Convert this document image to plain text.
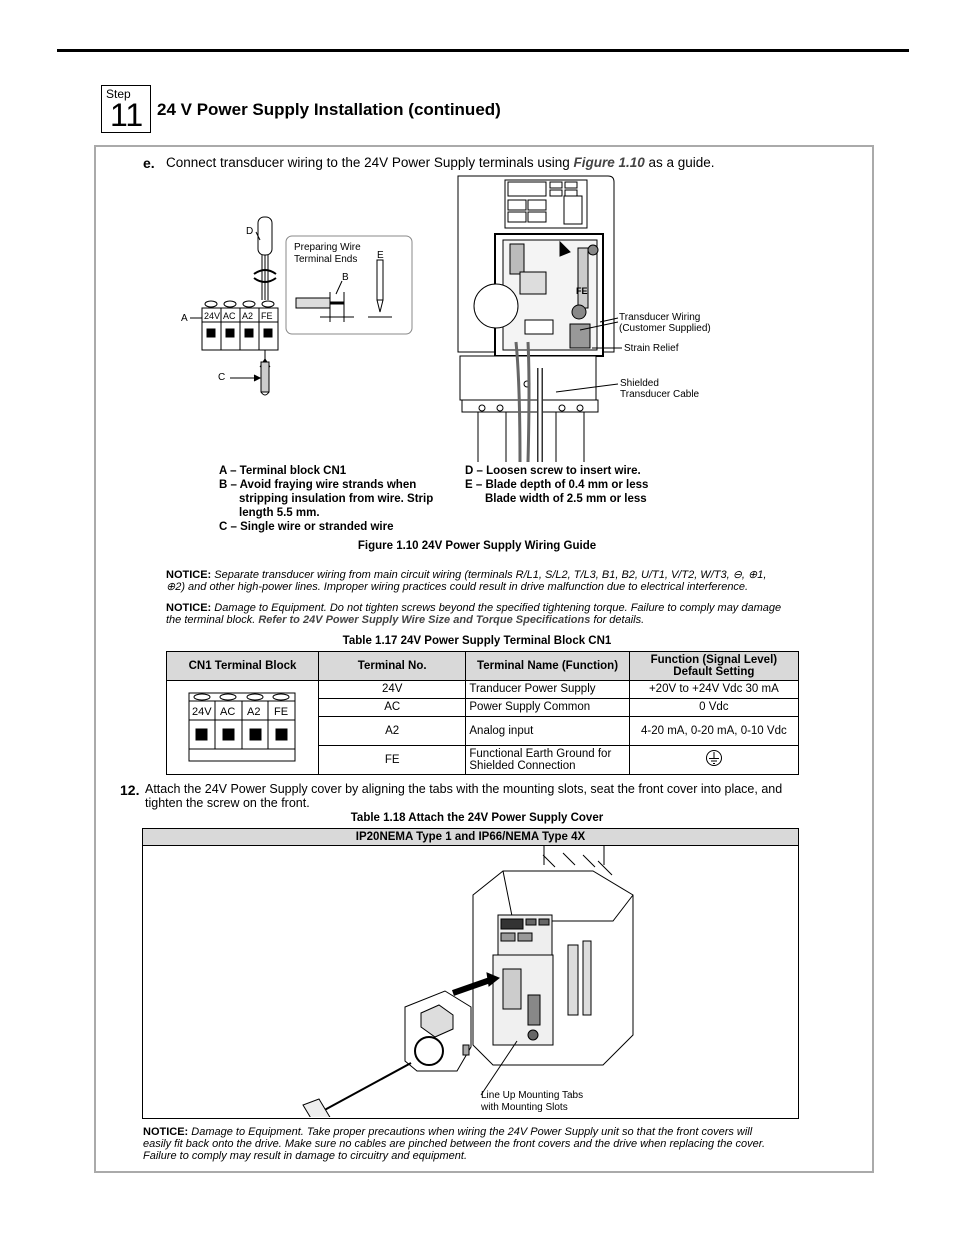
Step
11 24 V Power Supply Installation (continued)
e. Connect transducer wiring to the 24V Power Supply terminals using Figure 1.10 as a guide.
D
E
B
A
C
Preparing Wire
Terminal Ends
24V AC A2 FE
FE
Transducer Wiring
(Customer Supplied)
Strain Relief
Shielded
Transducer Cable
A – Terminal block CN1
B – Avoid fraying wire strands when
stripping insulation from wire. Strip
length 5.5 mm.
C – Single wire or stranded wire
D – Loosen screw to insert wire.
E – Blade depth of 0.4 mm or less
Blade width of 2.5 mm or less
Figure 1.10 24V Power Supply Wiring Guide
NOTICE: Separate transducer wiring from main circuit wiring (terminals R/L1, S/L2, T/L3, B1, B2, U/T1, V/T2, W/T3, ⊖, ⊕1,
⊕2) and other high-power lines. Improper wiring practices could result in drive malfunction due to electrical interference.
NOTICE: Damage to Equipment. Do not tighten screws beyond the specified tightening torque. Failure to comply may damage
the terminal block. Refer to 24V Power Supply Wire Size and Torque Specifications for details.
Table 1.17 24V Power Supply Terminal Block CN1
CN1 Terminal Block	Terminal No.	Terminal Name (Function)	Function (Signal Level)
Default Setting

24V AC A2 FE	24V	Tranducer Power Supply	+20V to +24V Vdc 30 mA
	AC	Power Supply Common	0 Vdc
	A2	Analog input	4-20 mA, 0-20 mA, 0-10 Vdc
	FE	Functional Earth Ground for
Shielded Connection

12. Attach the 24V Power Supply cover by aligning the tabs with the mounting slots, seat the front cover into place, and tighten the screw on the front.
Table 1.18 Attach the 24V Power Supply Cover
IP20NEMA Type 1 and IP66/NEMA Type 4X
Line Up Mounting Tabs
with Mounting Slots
NOTICE: Damage to Equipment. Take proper precautions when wiring the 24V Power Supply unit so that the front covers will
easily fit back onto the drive. Make sure no cables are pinched between the front covers and the drive when replacing the cover.
Failure to comply may result in damage to circuitry and equipment.
